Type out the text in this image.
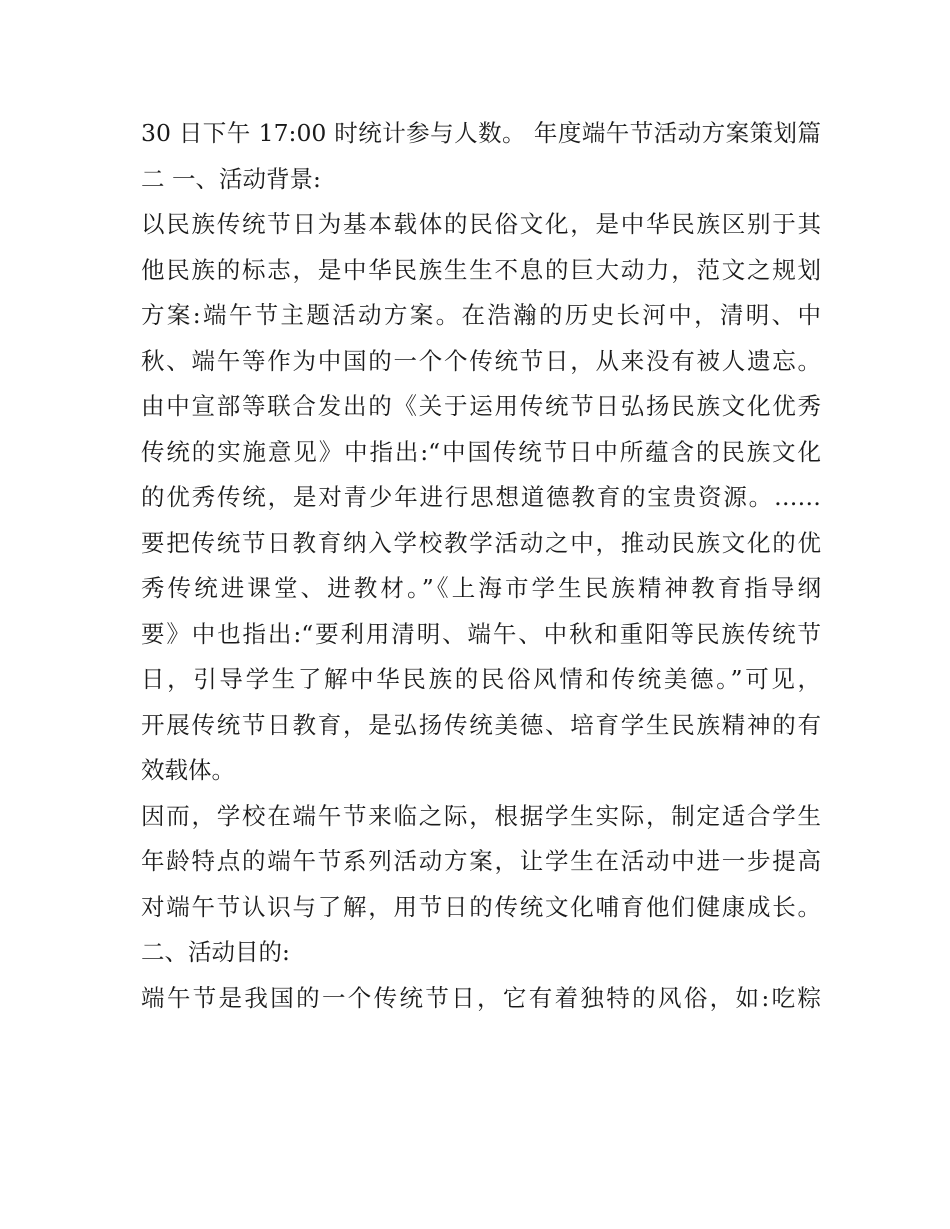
30 日下午 17:00 时统计参与人数。 年度端午节活动方案策划篇
二 一、活动背景:
以民族传统节日为基本载体的民俗文化，是中华民族区别于其
他民族的标志，是中华民族生生不息的巨大动力，范文之规划
方案:端午节主题活动方案。在浩瀚的历史长河中，清明、中
秋、端午等作为中国的一个个传统节日，从来没有被人遗忘。
由中宣部等联合发出的《关于运用传统节日弘扬民族文化优秀
传统的实施意见》中指出:“中国传统节日中所蕴含的民族文化
的优秀传统，是对青少年进行思想道德教育的宝贵资源。……
要把传统节日教育纳入学校教学活动之中，推动民族文化的优
秀传统进课堂、进教材。”《上海市学生民族精神教育指导纲
要》中也指出:“要利用清明、端午、中秋和重阳等民族传统节
日，引导学生了解中华民族的民俗风情和传统美德。”可见，
开展传统节日教育，是弘扬传统美德、培育学生民族精神的有
效载体。
因而，学校在端午节来临之际，根据学生实际，制定适合学生
年龄特点的端午节系列活动方案，让学生在活动中进一步提高
对端午节认识与了解，用节日的传统文化哺育他们健康成长。
二、活动目的:
端午节是我国的一个传统节日，它有着独特的风俗，如:吃粽
